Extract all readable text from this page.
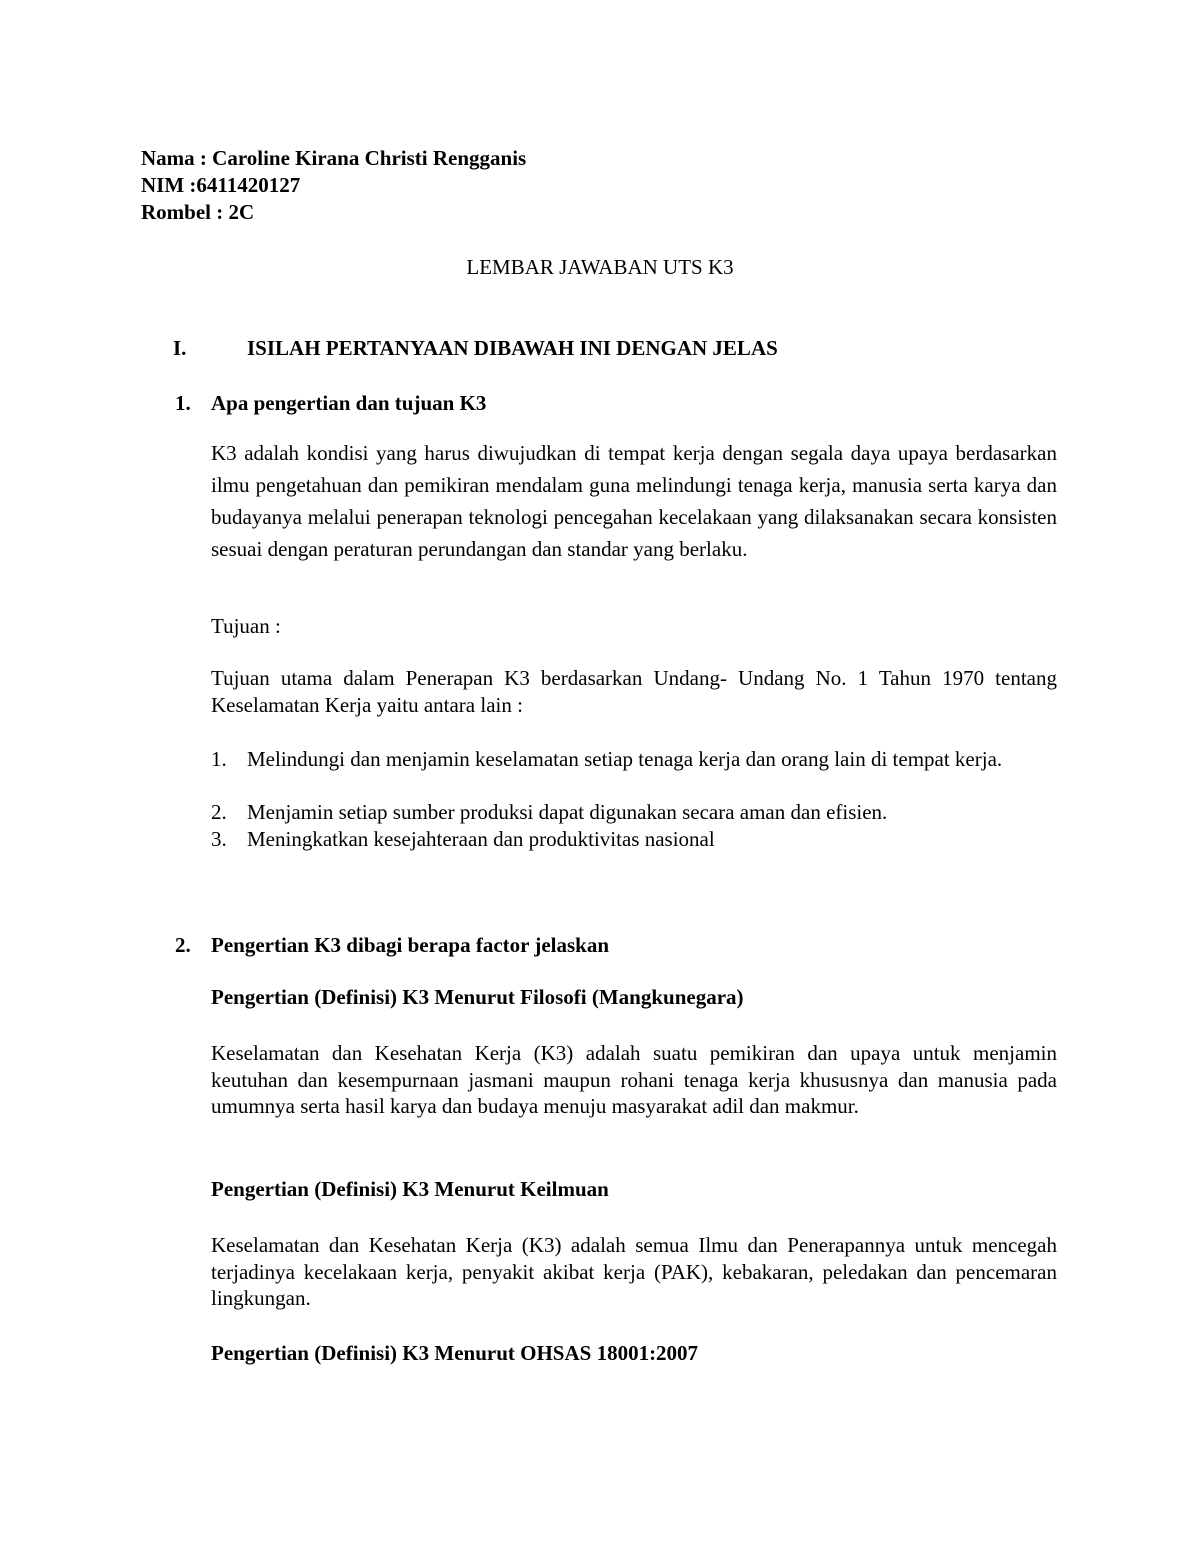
Nama : Caroline Kirana Christi Rengganis
NIM :6411420127
Rombel : 2C
LEMBAR JAWABAN UTS K3
I.	ISILAH PERTANYAAN DIBAWAH INI DENGAN JELAS
1. Apa pengertian dan tujuan K3
K3 adalah kondisi yang harus diwujudkan di tempat kerja dengan segala daya upaya berdasarkan ilmu pengetahuan dan pemikiran mendalam guna melindungi tenaga kerja, manusia serta karya dan budayanya melalui penerapan teknologi pencegahan kecelakaan yang dilaksanakan secara konsisten sesuai dengan peraturan perundangan dan standar yang berlaku.
Tujuan :
Tujuan utama dalam Penerapan K3 berdasarkan Undang- Undang No. 1 Tahun 1970 tentang Keselamatan Kerja yaitu antara lain :
1. Melindungi dan menjamin keselamatan setiap tenaga kerja dan orang lain di tempat kerja.
2. Menjamin setiap sumber produksi dapat digunakan secara aman dan efisien.
3. Meningkatkan kesejahteraan dan produktivitas nasional
2. Pengertian K3 dibagi berapa factor jelaskan
Pengertian (Definisi) K3 Menurut Filosofi (Mangkunegara)
Keselamatan dan Kesehatan Kerja (K3) adalah suatu pemikiran dan upaya untuk menjamin keutuhan dan kesempurnaan jasmani maupun rohani tenaga kerja khususnya dan manusia pada umumnya serta hasil karya dan budaya menuju masyarakat adil dan makmur.
Pengertian (Definisi) K3 Menurut Keilmuan
Keselamatan dan Kesehatan Kerja (K3) adalah semua Ilmu dan Penerapannya untuk mencegah terjadinya kecelakaan kerja, penyakit akibat kerja (PAK), kebakaran, peledakan dan pencemaran lingkungan.
Pengertian (Definisi) K3 Menurut OHSAS 18001:2007
